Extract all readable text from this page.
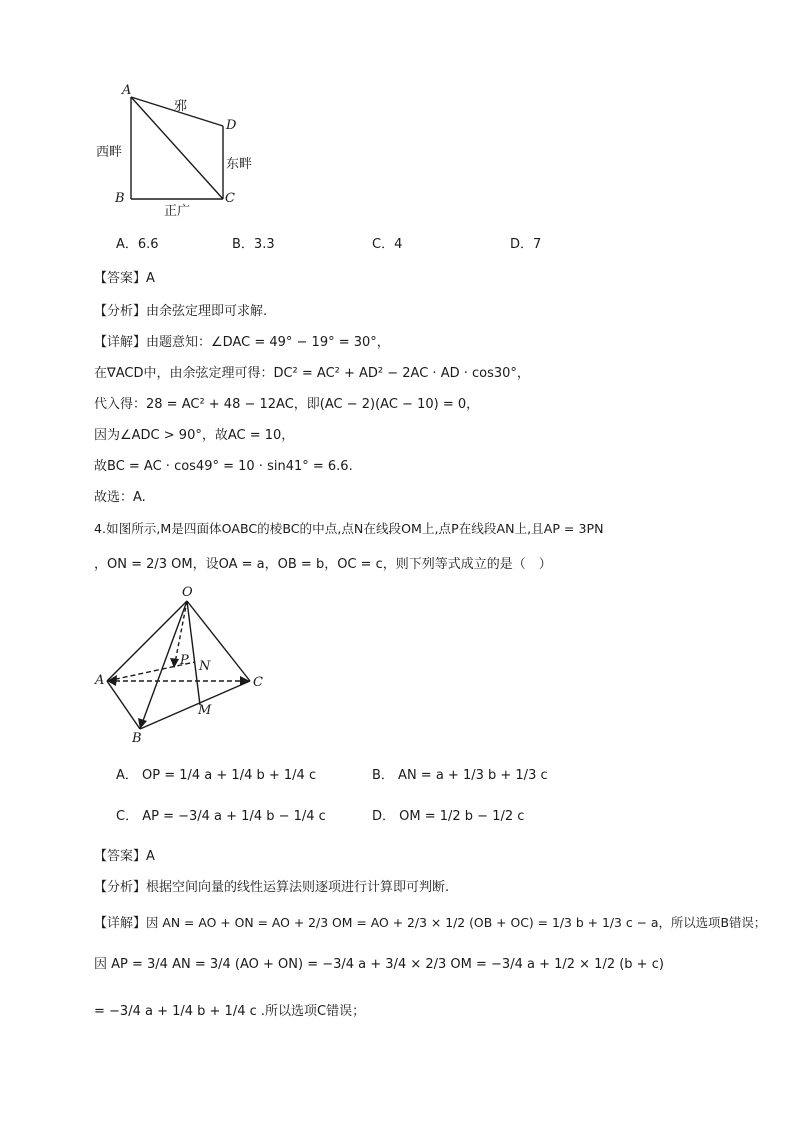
A
B	C
D
邪
西畔
东畔
正广
A．6.6	B．3.3	C．4	D．7
【答案】A
【分析】由余弦定理即可求解.
【详解】由题意知：∠DAC = 49° − 19° = 30°，
在∇ACD中，由余弦定理可得：DC² = AC² + AD² − 2AC · AD · cos30°，
代入得：28 = AC² + 48 − 12AC，即(AC − 2)(AC − 10) = 0，
因为∠ADC > 90°，故AC = 10，
故BC = AC · cos49° = 10 · sin41° = 6.6.
故选：A.
4.如图所示,M是四面体OABC的棱BC的中点,点N在线段OM上,点P在线段AN上,且AP = 3PN
，ON = 2/3 OM，设OA = a，OB = b，OC = c，则下列等式成立的是（　）
O
A
B
C
P N
M
A． OP = 1/4 a + 1/4 b + 1/4 c	B． AN = a + 1/3 b + 1/3 c
C． AP = −3/4 a + 1/4 b − 1/4 c	D． OM = 1/2 b − 1/2 c
【答案】A
【分析】根据空间向量的线性运算法则逐项进行计算即可判断.
【详解】因 AN = AO + ON = AO + 2/3 OM = AO + 2/3 × 1/2 (OB + OC) = 1/3 b + 1/3 c − a，所以选项B错误；
因 AP = 3/4 AN = 3/4 (AO + ON) = −3/4 a + 3/4 × 2/3 OM = −3/4 a + 1/2 × 1/2 (b + c)
= −3/4 a + 1/4 b + 1/4 c .所以选项C错误；
